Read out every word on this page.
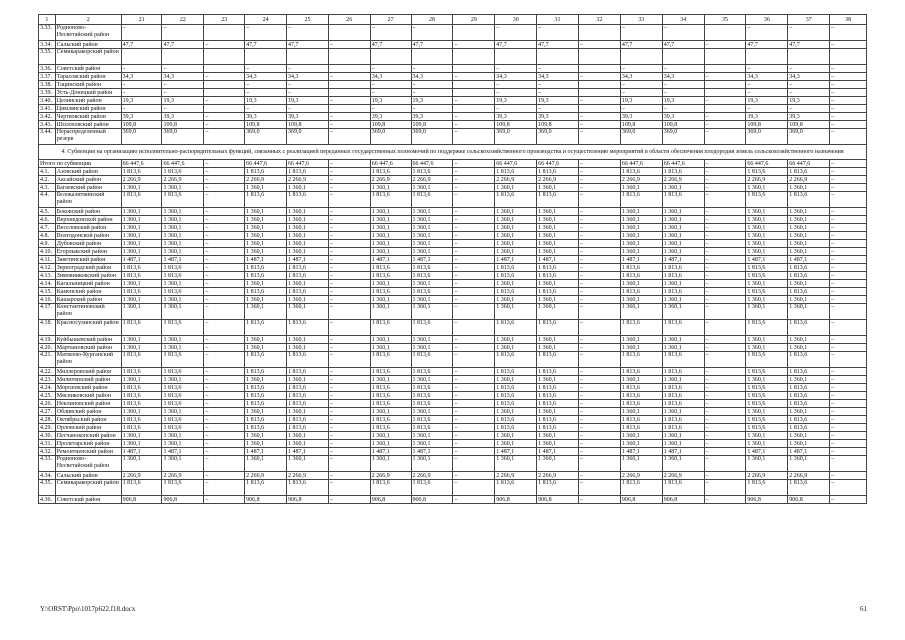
1	2	21	22	23	24	25	26	27	28	29	30	31	32	33	34	35	36	37	38
3.33.	Родионово-Несветайский район	–	–		–	–		–	–		–	–		–	–		–	–	–
3.34.	Сальский район	47,7	47,7	–	47,7	47,7	–	47,7	47,7	–	47,7	47,7	–	47,7	47,7	–	47,7	47,7	–
3.35.	Семикаракорский район																		
3.36.	Советский район	–	–		–	–		–	–		–	–		–	–		–	–	–
3.37.	Тарасовский район	34,3	34,3	–	34,3	34,3	–	34,3	34,3	–	34,3	34,3	–	34,3	34,3	–	34,3	34,3	–
3.38.	Тацинский район	–	–		–	–		–	–		–	–		–	–		–	–	–
3.39.	Усть-Донецкий район	–	–		–	–		–	–		–	–		–	–		–	–	–
3.40.	Целинский район	19,3	19,3	–	19,3	19,3	–	19,3	19,3	–	19,3	19,3	–	19,3	19,3	–	19,3	19,3	–
3.41.	Цимлянский район	–	–		–	–		–	–		–	–		–	–		–	–	–
3.42.	Чертковский район	39,3	39,3	–	39,3	39,3	–	39,3	39,3	–	39,3	39,3	–	39,3	39,3	–	39,3	39,3	–
3.43.	Шолоховский район	109,8	109,8	–	109,8	109,8	–	109,8	109,8	–	109,8	109,8	–	109,8	109,8	–	109,8	109,8	–
3.44.	Нераспределенный резерв	369,0	369,0	–	369,0	369,0	–	369,0	369,0	–	369,0	369,0	–	369,0	369,0	–	369,0	369,0	–
4. Субвенция на организацию исполнительно-распорядительных функций, связанных с реализацией переданных государственных полномочий по поддержке сельскохозяйственного производства и осуществлению мероприятий в области обеспечения плодородия земель сельскохозяйственного назначения																			
Итого по субвенции		66 447,6	66 447,6	–	66 447,6	66 447,6	–	66 447,6	66 447,6	–	66 447,6	66 447,6	–	66 447,6	66 447,6	–	66 447,6	66 447,6	–
4.1.	Азовский район	1 813,6	1 813,6	–	1 813,6	1 813,6	–	1 813,6	1 813,6	–	1 813,6	1 813,6	–	1 813,6	1 813,6	–	1 813,6	1 813,6	–
4.2.	Аксайский район	2 266,9	2 266,9	–	2 266,9	2 266,9	–	2 266,9	2 266,9	–	2 266,9	2 266,9	–	2 266,9	2 266,9	–	2 266,9	2 266,9	–
4.3.	Багаевский район	1 360,1	1 360,1	–	1 360,1	1 360,1	–	1 360,1	1 360,1	–	1 360,1	1 360,1	–	1 360,1	1 360,1	–	1 360,1	1 360,1	–
4.4.	Белокалитвинский район	1 813,6	1 813,6	–	1 813,6	1 813,6	–	1 813,6	1 813,6	–	1 813,6	1 813,6	–	1 813,6	1 813,6	–	1 813,6	1 813,6	–
4.5.	Боковский район	1 360,1	1 360,1	–	1 360,1	1 360,1	–	1 360,1	1 360,1	–	1 360,1	1 360,1	–	1 360,1	1 360,1	–	1 360,1	1 360,1	–
4.6.	Верхнедонской район	1 360,1	1 360,1	–	1 360,1	1 360,1	–	1 360,1	1 360,1	–	1 360,1	1 360,1	–	1 360,1	1 360,1	–	1 360,1	1 360,1	–
4.7.	Веселовский район	1 360,1	1 360,1	–	1 360,1	1 360,1	–	1 360,1	1 360,1	–	1 360,1	1 360,1	–	1 360,1	1 360,1	–	1 360,1	1 360,1	–
4.8.	Волгодонской район	1 360,1	1 360,1	–	1 360,1	1 360,1	–	1 360,1	1 360,1	–	1 360,1	1 360,1	–	1 360,1	1 360,1	–	1 360,1	1 360,1	–
4.9.	Дубовский район	1 360,1	1 360,1	–	1 360,1	1 360,1	–	1 360,1	1 360,1	–	1 360,1	1 360,1	–	1 360,1	1 360,1	–	1 360,1	1 360,1	–
4.10.	Егорлыкский район	1 360,1	1 360,1	–	1 360,1	1 360,1	–	1 360,1	1 360,1	–	1 360,1	1 360,1	–	1 360,1	1 360,1	–	1 360,1	1 360,1	–
4.11.	Заветинский район	1 487,1	1 487,1	–	1 487,1	1 487,1	–	1 487,1	1 487,1	–	1 487,1	1 487,1	–	1 487,1	1 487,1	–	1 487,1	1 487,1	–
4.12.	Зерноградский район	1 813,6	1 813,6	–	1 813,6	1 813,6	–	1 813,6	1 813,6	–	1 813,6	1 813,6	–	1 813,6	1 813,6	–	1 813,6	1 813,6	–
4.13.	Зимовниковский район	1 813,6	1 813,6	–	1 813,6	1 813,6	–	1 813,6	1 813,6	–	1 813,6	1 813,6	–	1 813,6	1 813,6	–	1 813,6	1 813,6	–
4.14.	Кагальницкий район	1 360,1	1 360,1	–	1 360,1	1 360,1	–	1 360,1	1 360,1	–	1 360,1	1 360,1	–	1 360,1	1 360,1	–	1 360,1	1 360,1	–
4.15.	Каменский район	1 813,6	1 813,6	–	1 813,6	1 813,6	–	1 813,6	1 813,6	–	1 813,6	1 813,6	–	1 813,6	1 813,6	–	1 813,6	1 813,6	–
4.16.	Кашарский район	1 360,1	1 360,1	–	1 360,1	1 360,1	–	1 360,1	1 360,1	–	1 360,1	1 360,1	–	1 360,1	1 360,1	–	1 360,1	1 360,1	–
4.17.	Константиновский район	1 360,1	1 360,1	–	1 360,1	1 360,1	–	1 360,1	1 360,1	–	1 360,1	1 360,1	–	1 360,1	1 360,1	–	1 360,1	1 360,1	–
4.18.	Красносулинский район	1 813,6	1 813,6	–	1 813,6	1 813,6	–	1 813,6	1 813,6	–	1 813,6	1 813,6	–	1 813,6	1 813,6	–	1 813,6	1 813,6	–
4.19.	Куйбышевский район	1 360,1	1 360,1	–	1 360,1	1 360,1	–	1 360,1	1 360,1	–	1 360,1	1 360,1	–	1 360,1	1 360,1	–	1 360,1	1 360,1	–
4.20.	Мартыновский район	1 360,1	1 360,1	–	1 360,1	1 360,1	–	1 360,1	1 360,1	–	1 360,1	1 360,1	–	1 360,1	1 360,1	–	1 360,1	1 360,1	–
4.21.	Матвеево-Курганский район	1 813,6	1 813,6	–	1 813,6	1 813,6	–	1 813,6	1 813,6	–	1 813,6	1 813,6	–	1 813,6	1 813,6	–	1 813,6	1 813,6	–
4.22.	Миллеровский район	1 813,6	1 813,6	–	1 813,6	1 813,6	–	1 813,6	1 813,6	–	1 813,6	1 813,6	–	1 813,6	1 813,6	–	1 813,6	1 813,6	–
4.23.	Милютинский район	1 360,1	1 360,1	–	1 360,1	1 360,1	–	1 360,1	1 360,1	–	1 360,1	1 360,1	–	1 360,1	1 360,1	–	1 360,1	1 360,1	–
4.24.	Морозовский район	1 813,6	1 813,6	–	1 813,6	1 813,6	–	1 813,6	1 813,6	–	1 813,6	1 813,6	–	1 813,6	1 813,6	–	1 813,6	1 813,6	–
4.25.	Мясниковский район	1 813,6	1 813,6	–	1 813,6	1 813,6	–	1 813,6	1 813,6	–	1 813,6	1 813,6	–	1 813,6	1 813,6	–	1 813,6	1 813,6	–
4.26.	Неклиновский район	1 813,6	1 813,6	–	1 813,6	1 813,6	–	1 813,6	1 813,6	–	1 813,6	1 813,6	–	1 813,6	1 813,6	–	1 813,6	1 813,6	–
4.27.	Обливский район	1 360,1	1 360,1	–	1 360,1	1 360,1	–	1 360,1	1 360,1	–	1 360,1	1 360,1	–	1 360,1	1 360,1	–	1 360,1	1 360,1	–
4.28.	Октябрьский район	1 813,6	1 813,6	–	1 813,6	1 813,6	–	1 813,6	1 813,6	–	1 813,6	1 813,6	–	1 813,6	1 813,6	–	1 813,6	1 813,6	–
4.29.	Орловский район	1 813,6	1 813,6	–	1 813,6	1 813,6	–	1 813,6	1 813,6	–	1 813,6	1 813,6	–	1 813,6	1 813,6	–	1 813,6	1 813,6	–
4.30.	Песчанокопский район	1 360,1	1 360,1	–	1 360,1	1 360,1	–	1 360,1	1 360,1	–	1 360,1	1 360,1	–	1 360,1	1 360,1	–	1 360,1	1 360,1	–
4.31.	Пролетарский район	1 360,1	1 360,1	–	1 360,1	1 360,1	–	1 360,1	1 360,1	–	1 360,1	1 360,1	–	1 360,1	1 360,1	–	1 360,1	1 360,1	–
4.32.	Ремонтненский район	1 487,1	1 487,1	–	1 487,1	1 487,1	–	1 487,1	1 487,1	–	1 487,1	1 487,1	–	1 487,1	1 487,1	–	1 487,1	1 487,1	–
4.33.	Родионово-Несветайский район	1 360,1	1 360,1	–	1 360,1	1 360,1	–	1 360,1	1 360,1	–	1 360,1	1 360,1	–	1 360,1	1 360,1	–	1 360,1	1 360,1	–
4.34.	Сальский район	2 266,9	2 266,9	–	2 266,9	2 266,9	–	2 266,9	2 266,9	–	2 266,9	2 266,9	–	2 266,9	2 266,9	–	2 266,9	2 266,9	–
4.35.	Семикаракорский район	1 813,6	1 813,6	–	1 813,6	1 813,6	–	1 813,6	1 813,6	–	1 813,6	1 813,6	–	1 813,6	1 813,6	–	1 813,6	1 813,6	–
4.36.	Советский район	906,8	906,8	–	906,8	906,8	–	906,8	906,8	–	906,8	906,8	–	906,8	906,8	–	906,8	906,8	–
Y:\ORST\Ppo\1017p622.f18.docx	61
